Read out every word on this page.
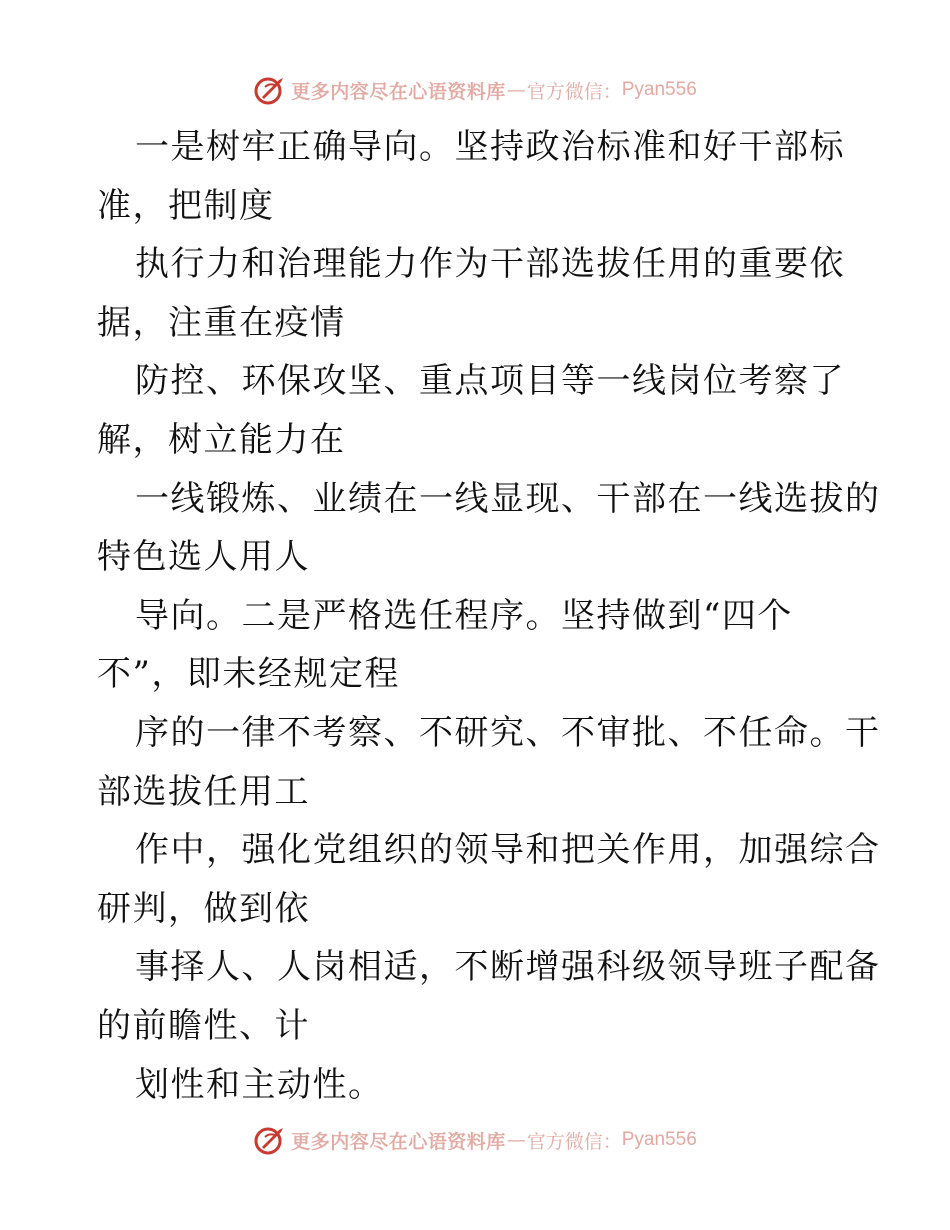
更多内容尽在心语资料库 — 官方微信： Pyan556
一是树牢正确导向。坚持政治标准和好干部标
准，把制度
执行力和治理能力作为干部选拔任用的重要依
据，注重在疫情
防控、环保攻坚、重点项目等一线岗位考察了
解，树立能力在
一线锻炼、业绩在一线显现、干部在一线选拔的
特色选人用人
导向。二是严格选任程序。坚持做到“四个
不”，即未经规定程
序的一律不考察、不研究、不审批、不任命。干
部选拔任用工
作中，强化党组织的领导和把关作用，加强综合
研判，做到依
事择人、人岗相适，不断增强科级领导班子配备
的前瞻性、计
划性和主动性。
更多内容尽在心语资料库 — 官方微信： Pyan556
